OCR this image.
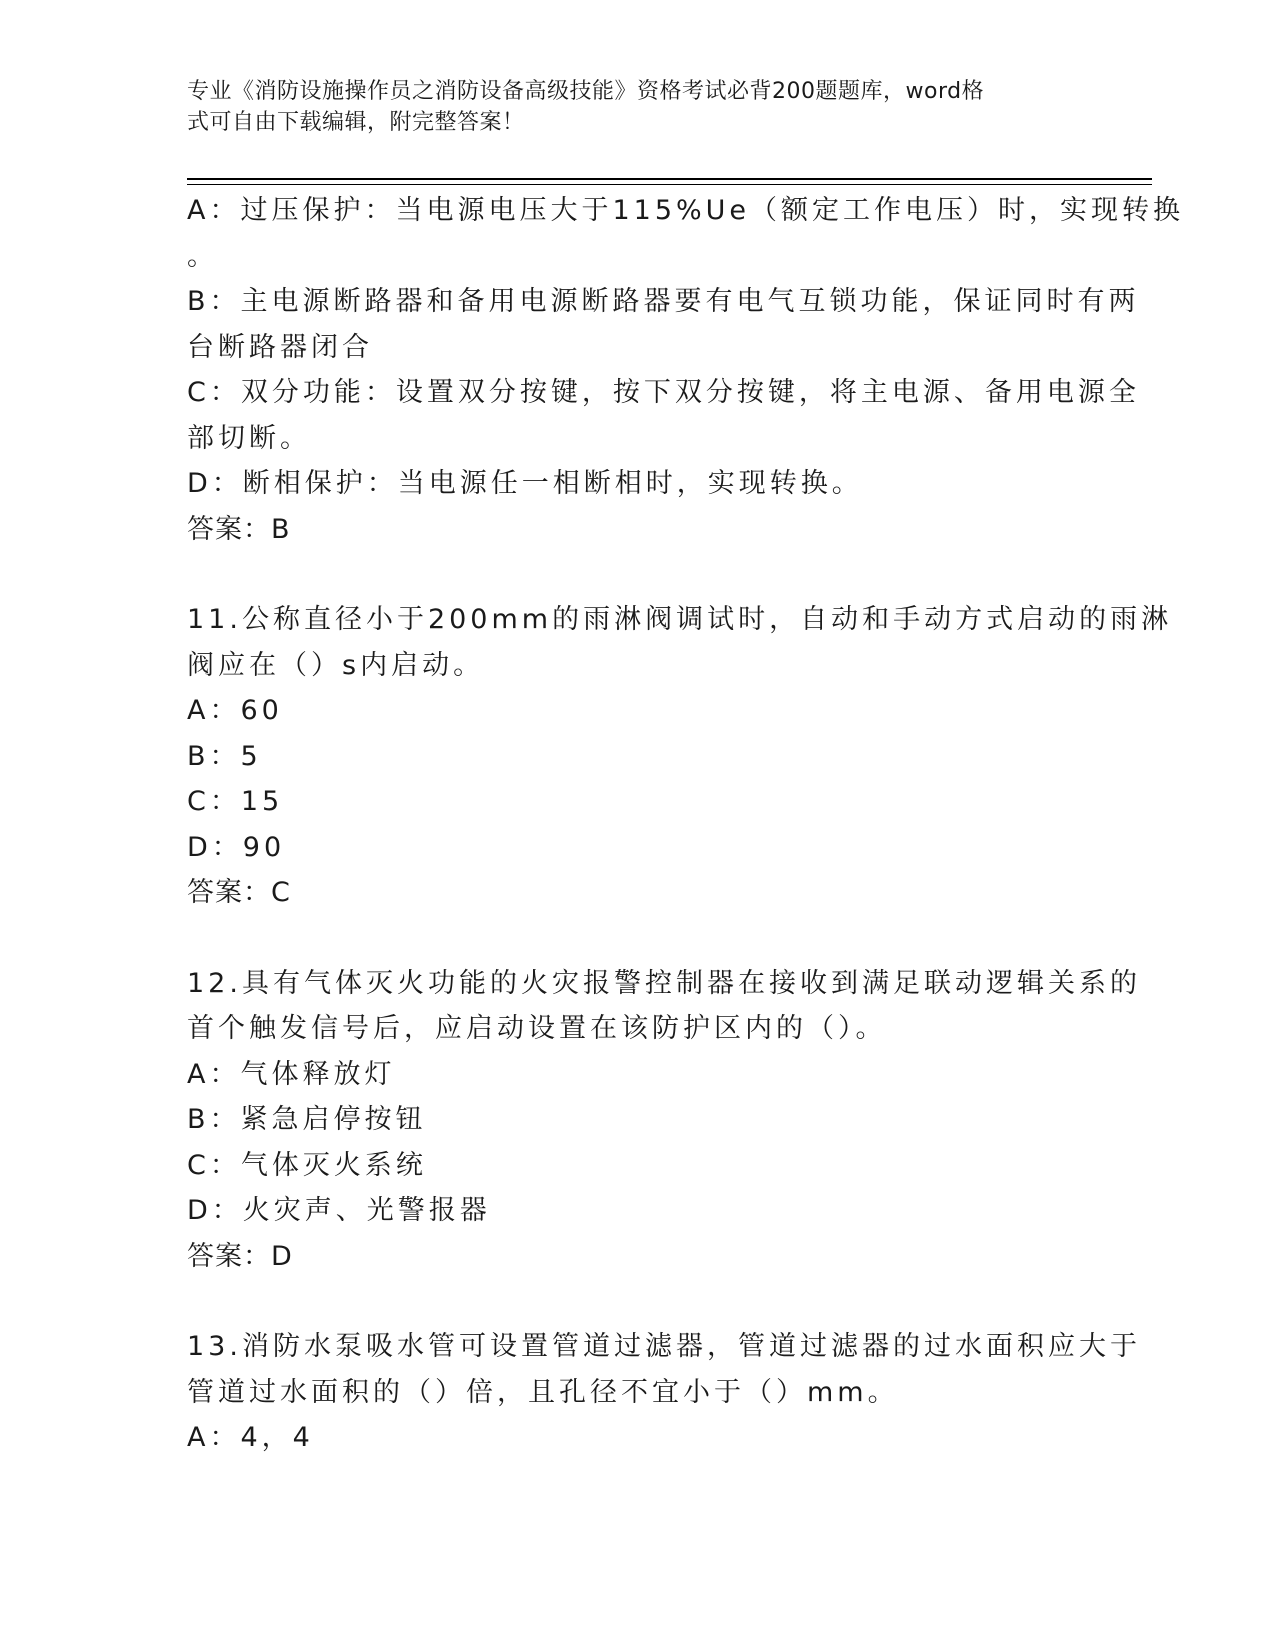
专业《消防设施操作员之消防设备高级技能》资格考试必背200题题库，word格
式可自由下载编辑，附完整答案！
A：过压保护：当电源电压大于115%Ue（额定工作电压）时，实现转换
。
B：主电源断路器和备用电源断路器要有电气互锁功能，保证同时有两
台断路器闭合
C：双分功能：设置双分按键，按下双分按键，将主电源、备用电源全
部切断。
D：断相保护：当电源任一相断相时，实现转换。
答案：B
11.公称直径小于200mm的雨淋阀调试时，自动和手动方式启动的雨淋
阀应在（）s内启动。
A：60
B：5
C：15
D：90
答案：C
12.具有气体灭火功能的火灾报警控制器在接收到满足联动逻辑关系的
首个触发信号后，应启动设置在该防护区内的（）。
A：气体释放灯
B：紧急启停按钮
C：气体灭火系统
D：火灾声、光警报器
答案：D
13.消防水泵吸水管可设置管道过滤器，管道过滤器的过水面积应大于
管道过水面积的（）倍，且孔径不宜小于（）mm。
A：4，4
